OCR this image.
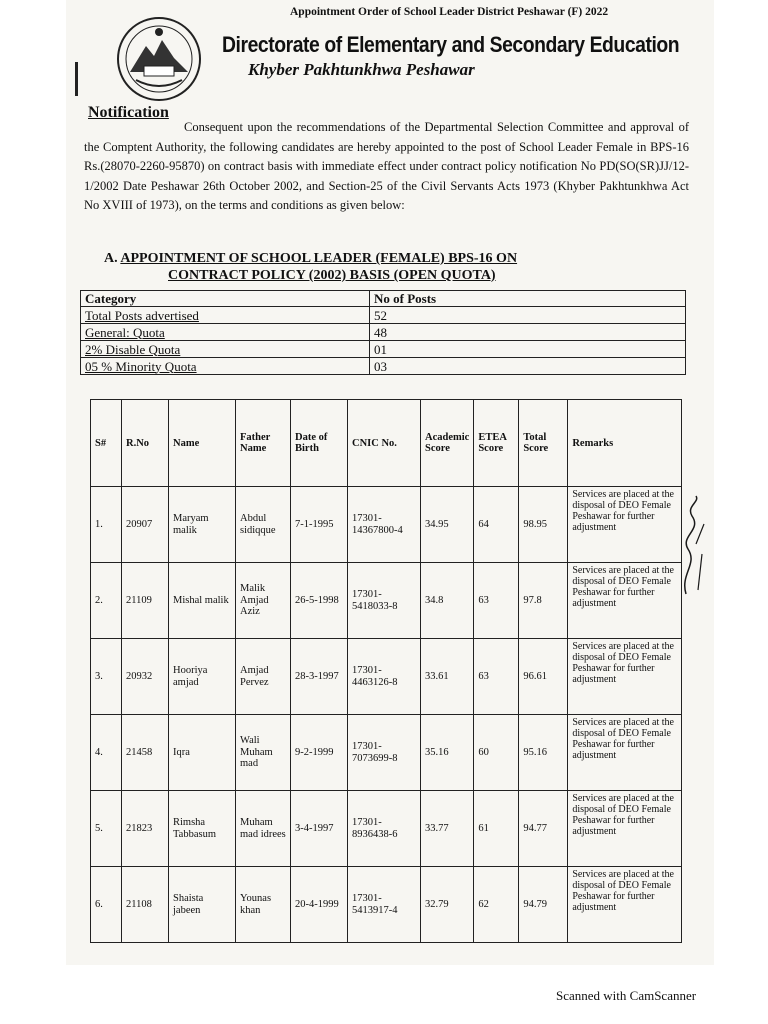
Appointment Order of School Leader District Peshawar (F) 2022
Directorate of Elementary and Secondary Education
Khyber Pakhtunkhwa Peshawar
Notification
Consequent upon the recommendations of the Departmental Selection Committee and approval of the Comptent Authority, the following candidates are hereby appointed to the post of School Leader Female in BPS-16 Rs.(28070-2260-95870) on contract basis with immediate effect under contract policy notification No PD(SO(SR)JJ/12-1/2002 Date Peshawar 26th October 2002, and Section-25 of the Civil Servants Acts 1973 (Khyber Pakhtunkhwa Act No XVIII of 1973), on the terms and conditions as given below:
A. APPOINTMENT OF SCHOOL LEADER (FEMALE) BPS-16 ON
CONTRACT POLICY (2002) BASIS (OPEN QUOTA)
Category	No of Posts
Total Posts advertised	52
General: Quota	48
2% Disable Quota	01
05 % Minority Quota	03
S#	R.No	Name	Father Name	Date of Birth	CNIC No.	Academic Score	ETEA Score	Total Score	Remarks
1.	20907	Maryam malik	Abdul sidiqque	7-1-1995	17301-14367800-4	34.95	64	98.95	Services are placed at the disposal of DEO Female Peshawar for further adjustment
2.	21109	Mishal malik	Malik Amjad Aziz	26-5-1998	17301-5418033-8	34.8	63	97.8	Services are placed at the disposal of DEO Female Peshawar for further adjustment
3.	20932	Hooriya amjad	Amjad Pervez	28-3-1997	17301-4463126-8	33.61	63	96.61	Services are placed at the disposal of DEO Female Peshawar for further adjustment
4.	21458	Iqra	Wali Muham mad	9-2-1999	17301-7073699-8	35.16	60	95.16	Services are placed at the disposal of DEO Female Peshawar for further adjustment
5.	21823	Rimsha Tabbasum	Muham mad idrees	3-4-1997	17301-8936438-6	33.77	61	94.77	Services are placed at the disposal of DEO Female Peshawar for further adjustment
6.	21108	Shaista jabeen	Younas khan	20-4-1999	17301-5413917-4	32.79	62	94.79	Services are placed at the disposal of DEO Female Peshawar for further adjustment
Scanned with CamScanner
